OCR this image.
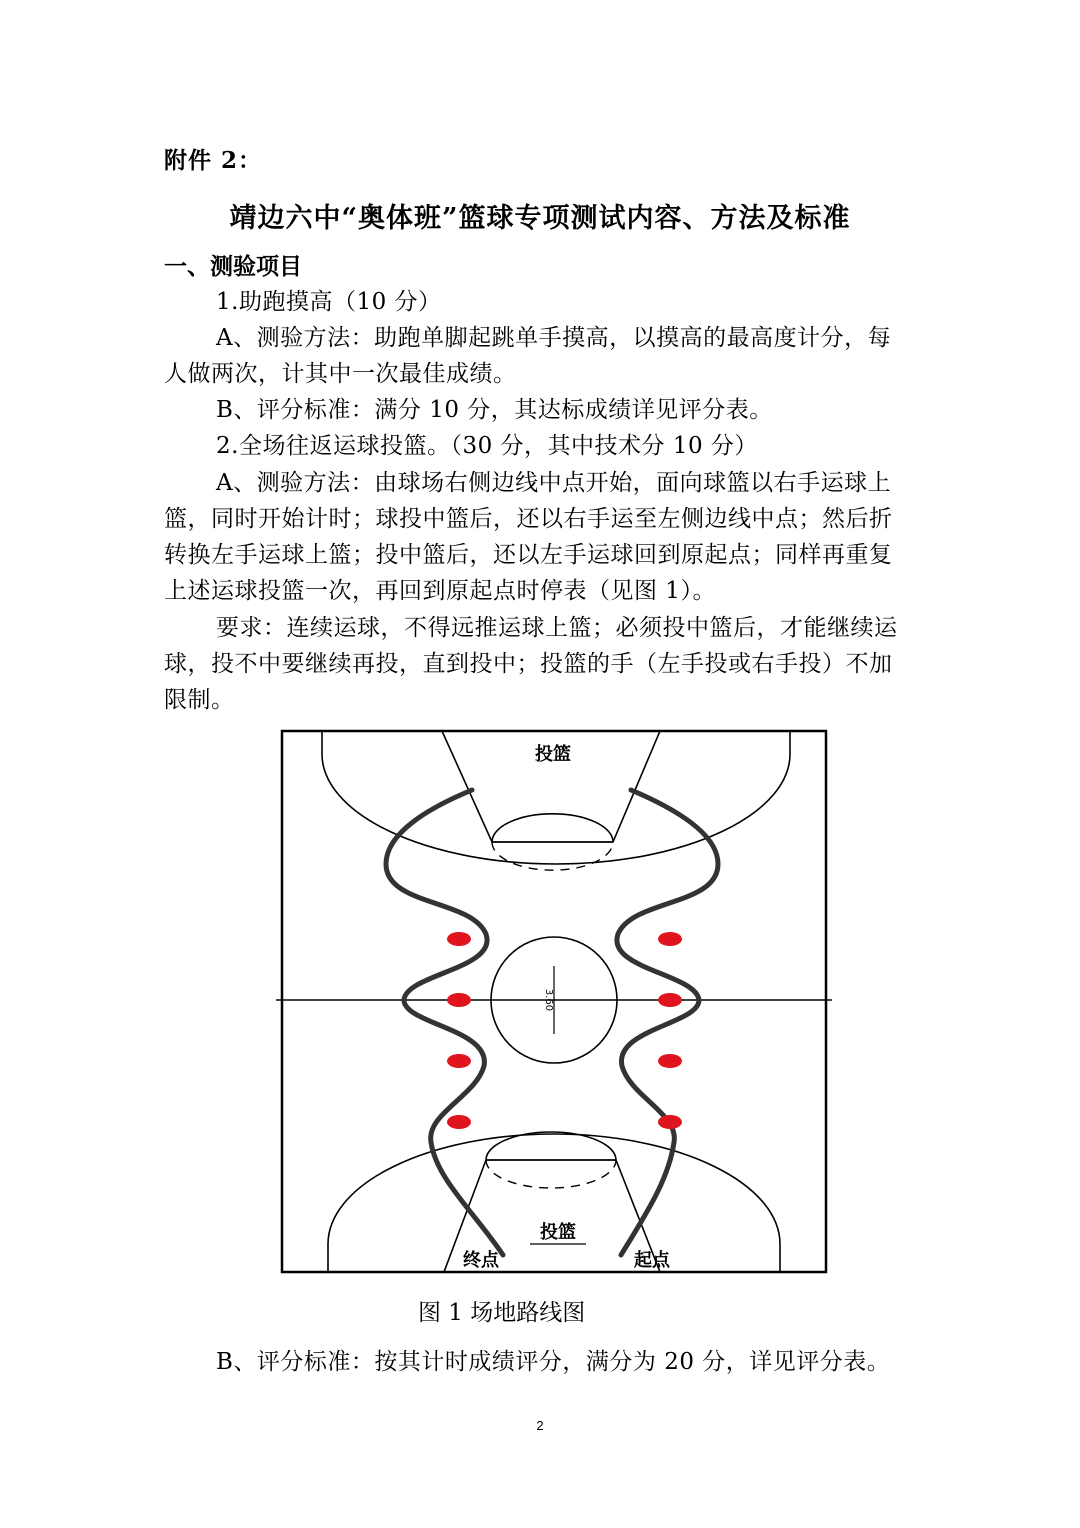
附件 2：

靖边六中“奥体班”篮球专项测试内容、方法及标准

一、测验项目

1.助跑摸高（10 分）

A、测验方法：助跑单脚起跳单手摸高，以摸高的最高度计分，每

人做两次，计其中一次最佳成绩。

B、评分标准：满分 10 分，其达标成绩详见评分表。

2.全场往返运球投篮。（30 分，其中技术分 10 分）

A、测验方法：由球场右侧边线中点开始，面向球篮以右手运球上

篮，同时开始计时；球投中篮后，还以右手运至左侧边线中点；然后折

转换左手运球上篮；投中篮后，还以左手运球回到原起点；同样再重复

上述运球投篮一次，再回到原起点时停表（见图 1）。

要求：连续运球，不得远推运球上篮；必须投中篮后，才能继续运

球，投不中要继续再投，直到投中；投篮的手（左手投或右手投）不加

限制。

3.60
投篮
投篮
终点	起点

图 1 场地路线图

B、评分标准：按其计时成绩评分，满分为 20 分，详见评分表。

2
